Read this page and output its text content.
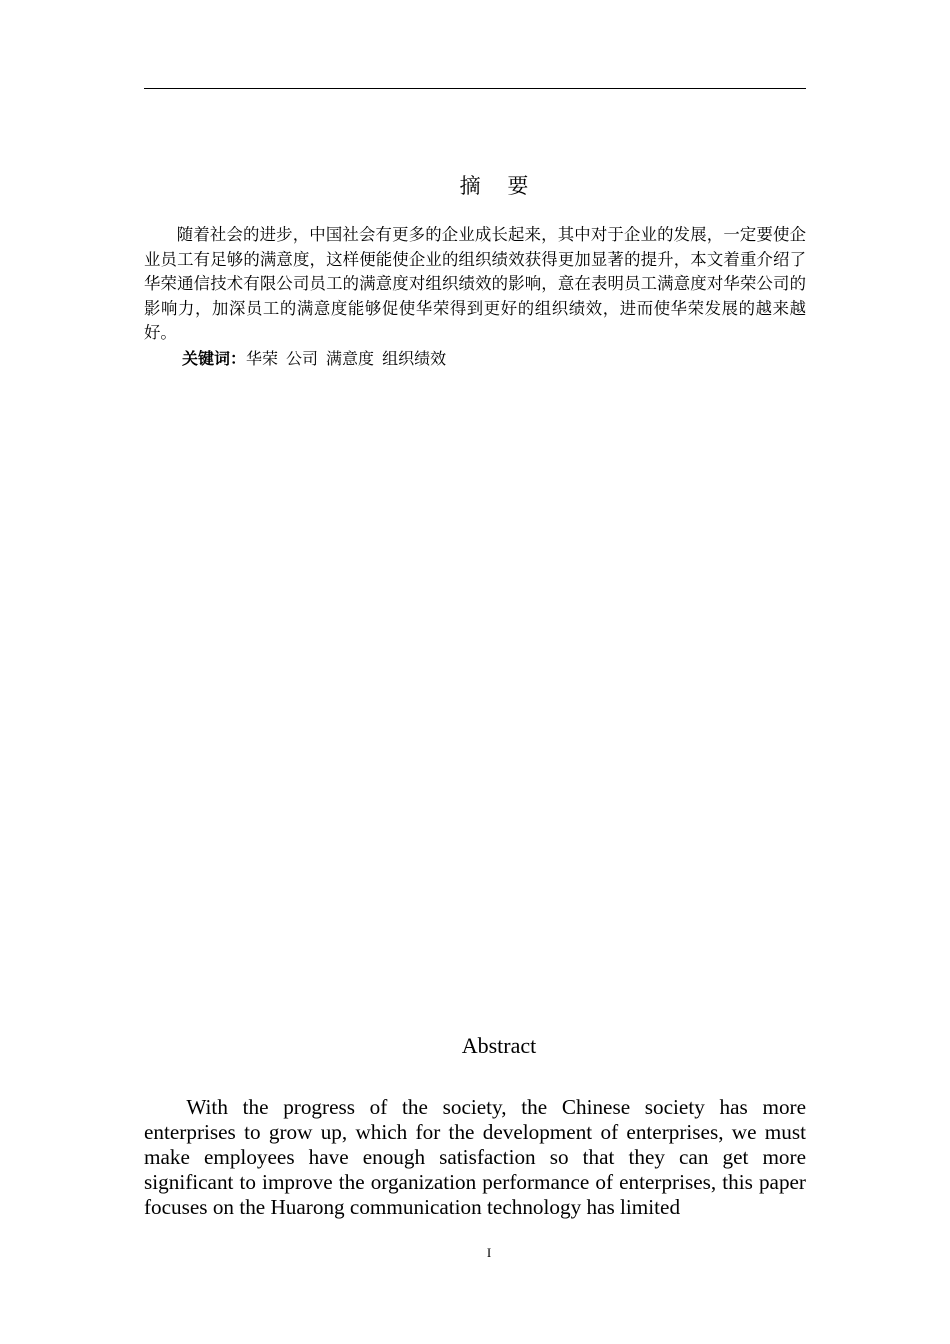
摘 要

随着社会的进步，中国社会有更多的企业成长起来，其中对于企业的发展，一定要使企业员工有足够的满意度，这样便能使企业的组织绩效获得更加显著的提升，本文着重介绍了华荣通信技术有限公司员工的满意度对组织绩效的影响，意在表明员工满意度对华荣公司的影响力，加深员工的满意度能够促使华荣得到更好的组织绩效，进而使华荣发展的越来越好。

关键词：华荣 公司 满意度 组织绩效
Abstract

With the progress of the society, the Chinese society has more enterprises to grow up, which for the development of enterprises, we must make employees have enough satisfaction so that they can get more significant to improve the organization performance of enterprises, this paper focuses on the Huarong communication technology has limited

I
